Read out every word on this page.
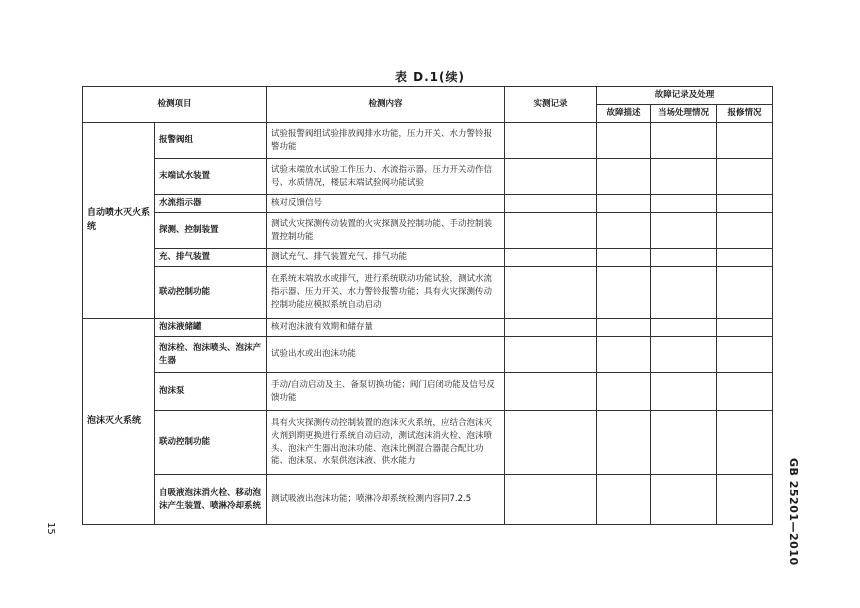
表 D.1(续)
检测项目		检测内容	实测记录	故障记录及处理		
				故障描述	当场处理情况	报修情况
自动喷水灭火系统	报警阀组	试验报警阀组试验排放阀排水功能，压力开关、水力警铃报警功能				
	末端试水装置	试验末端放水试验工作压力、水流指示器、压力开关动作信号、水质情况，楼层末端试验阀功能试验				
	水流指示器	核对反馈信号				
	探测、控制装置	测试火灾探测传动装置的火灾探测及控制功能、手动控制装置控制功能				
	充、排气装置	测试充气、排气装置充气、排气功能				
	联动控制功能	在系统末端放水或排气，进行系统联动功能试验，测试水流指示器、压力开关、水力警铃报警功能；具有火灾探测传动控制功能应模拟系统自动启动				
泡沫灭火系统	泡沫液储罐	核对泡沫液有效期和储存量				
	泡沫栓、泡沫喷头、泡沫产生器	试验出水或出泡沫功能				
	泡沫泵	手动/自动启动及主、备泵切换功能；阀门启闭功能及信号反馈功能				
	联动控制功能	具有火灾探测传动控制装置的泡沫灭火系统，应结合泡沫灭火剂到期更换进行系统自动启动，测试泡沫消火栓、泡沫喷头、泡沫产生器出泡沫功能、泡沫比例混合器混合配比功能、泡沫泵、水泵供泡沫液、供水能力				
	自吸液泡沫消火栓、移动泡沫产生装置、喷淋冷却系统	测试吸液出泡沫功能；喷淋冷却系统检测内容同7.2.5					GB 25201—2010
15
